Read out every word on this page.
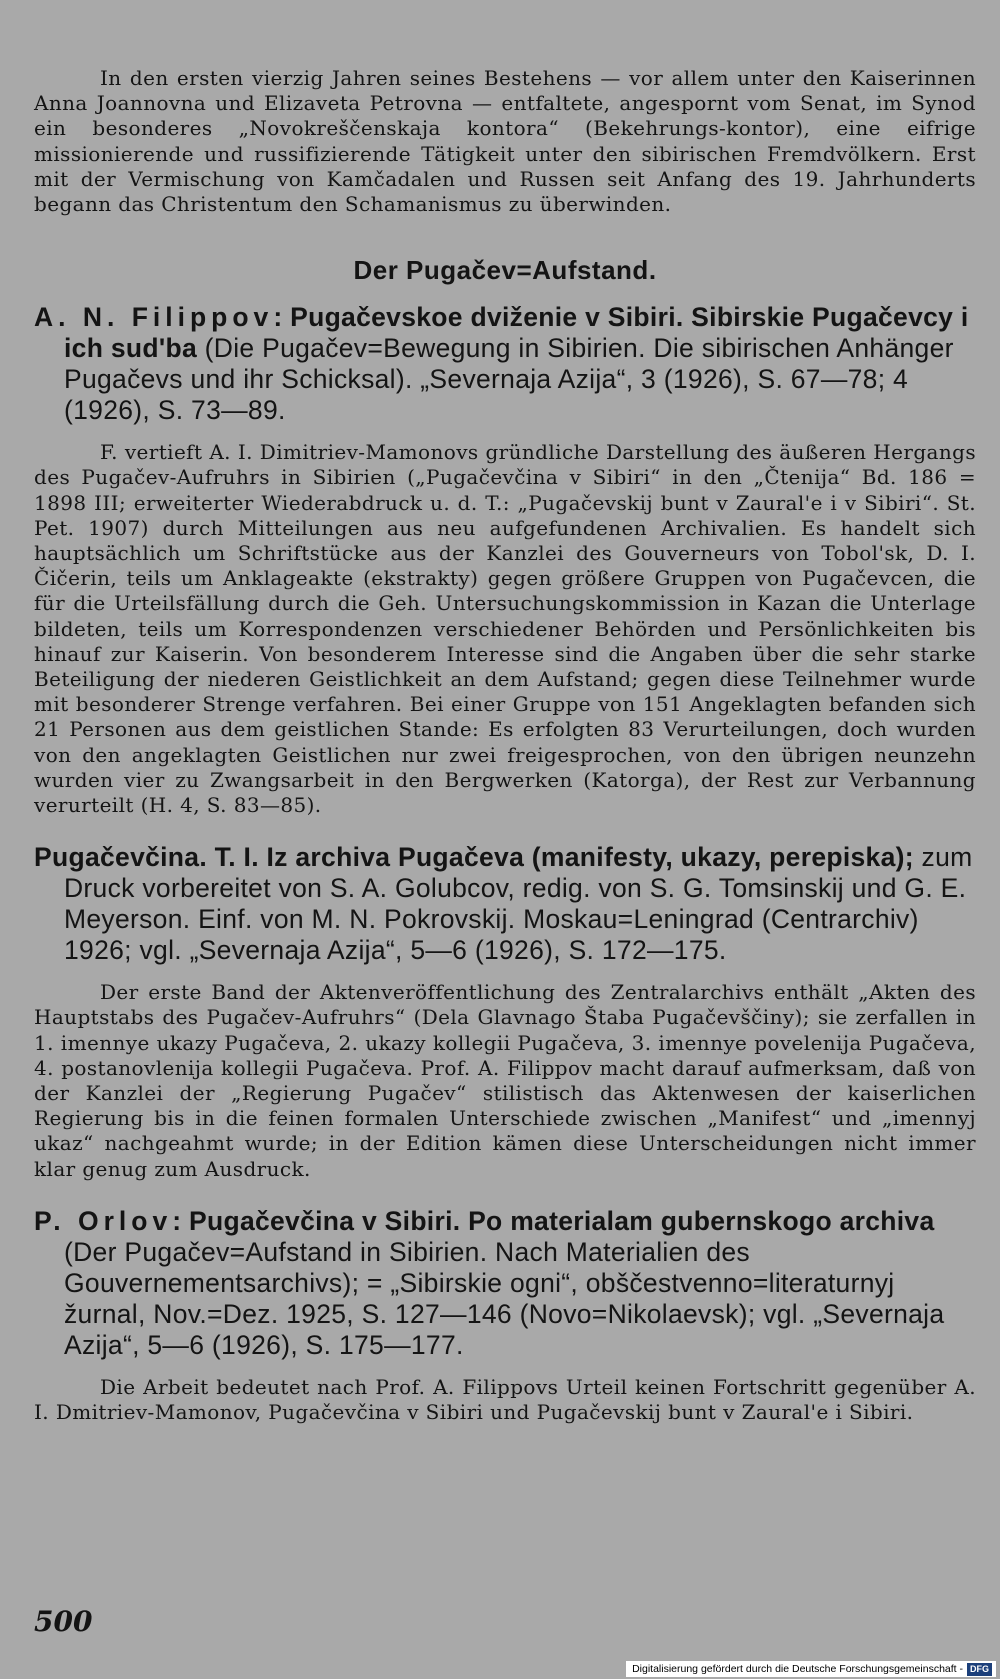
In den ersten vierzig Jahren seines Bestehens — vor allem unter den Kaiserinnen Anna Joannovna und Elizaveta Petrovna — entfaltete, angespornt vom Senat, im Synod ein besonderes „Novokreščenskaja kontora“ (Bekehrungs-kontor), eine eifrige missionierende und russifizierende Tätigkeit unter den sibirischen Fremdvölkern. Erst mit der Vermischung von Kamčadalen und Russen seit Anfang des 19. Jahrhunderts begann das Christentum den Schamanismus zu überwinden.

Der Pugačev=Aufstand.

A. N. Filippov: Pugačevskoe dviženie v Sibiri. Sibirskie Pugačevcy i ich sud'ba (Die Pugačev=Bewegung in Sibirien. Die sibirischen Anhänger Pugačevs und ihr Schicksal). „Severnaja Azija“, 3 (1926), S. 67—78; 4 (1926), S. 73—89.

F. vertieft A. I. Dimitriev-Mamonovs gründliche Darstellung des äußeren Hergangs des Pugačev-Aufruhrs in Sibirien („Pugačevčina v Sibiri“ in den „Čtenija“ Bd. 186 = 1898 III; erweiterter Wiederabdruck u. d. T.: „Pugačevskij bunt v Zaural'e i v Sibiri“. St. Pet. 1907) durch Mitteilungen aus neu aufgefundenen Archivalien. Es handelt sich hauptsächlich um Schriftstücke aus der Kanzlei des Gouverneurs von Tobol'sk, D. I. Čičerin, teils um Anklageakte (ekstrakty) gegen größere Gruppen von Pugačevcen, die für die Urteilsfällung durch die Geh. Untersuchungskommission in Kazan die Unterlage bildeten, teils um Korrespondenzen verschiedener Behörden und Persönlichkeiten bis hinauf zur Kaiserin. Von besonderem Interesse sind die Angaben über die sehr starke Beteiligung der niederen Geistlichkeit an dem Aufstand; gegen diese Teilnehmer wurde mit besonderer Strenge verfahren. Bei einer Gruppe von 151 Angeklagten befanden sich 21 Personen aus dem geistlichen Stande: Es erfolgten 83 Verurteilungen, doch wurden von den angeklagten Geistlichen nur zwei freigesprochen, von den übrigen neunzehn wurden vier zu Zwangsarbeit in den Bergwerken (Katorga), der Rest zur Verbannung verurteilt (H. 4, S. 83—85).

Pugačevčina. T. I. Iz archiva Pugačeva (manifesty, ukazy, perepiska); zum Druck vorbereitet von S. A. Golubcov, redig. von S. G. Tomsinskij und G. E. Meyerson. Einf. von M. N. Pokrovskij. Moskau=Leningrad (Centrarchiv) 1926; vgl. „Severnaja Azija“, 5—6 (1926), S. 172—175.

Der erste Band der Aktenveröffentlichung des Zentralarchivs enthält „Akten des Hauptstabs des Pugačev-Aufruhrs“ (Dela Glavnago Štaba Pugačevščiny); sie zerfallen in 1. imennye ukazy Pugačeva, 2. ukazy kollegii Pugačeva, 3. imennye povelenija Pugačeva, 4. postanovlenija kollegii Pugačeva. Prof. A. Filippov macht darauf aufmerksam, daß von der Kanzlei der „Regierung Pugačev“ stilistisch das Aktenwesen der kaiserlichen Regierung bis in die feinen formalen Unterschiede zwischen „Manifest“ und „imennyj ukaz“ nachgeahmt wurde; in der Edition kämen diese Unterscheidungen nicht immer klar genug zum Ausdruck.

P. Orlov: Pugačevčina v Sibiri. Po materialam gubernskogo archiva (Der Pugačev=Aufstand in Sibirien. Nach Materialien des Gouvernementsarchivs); = „Sibirskie ogni“, obščestvenno=literaturnyj žurnal, Nov.=Dez. 1925, S. 127—146 (Novo=Nikolaevsk); vgl. „Severnaja Azija“, 5—6 (1926), S. 175—177.

Die Arbeit bedeutet nach Prof. A. Filippovs Urteil keinen Fortschritt gegenüber A. I. Dmitriev-Mamonov, Pugačevčina v Sibiri und Pugačevskij bunt v Zaural'e i Sibiri.

500
Digitalisierung gefördert durch die Deutsche Forschungsgemeinschaft - DFG
